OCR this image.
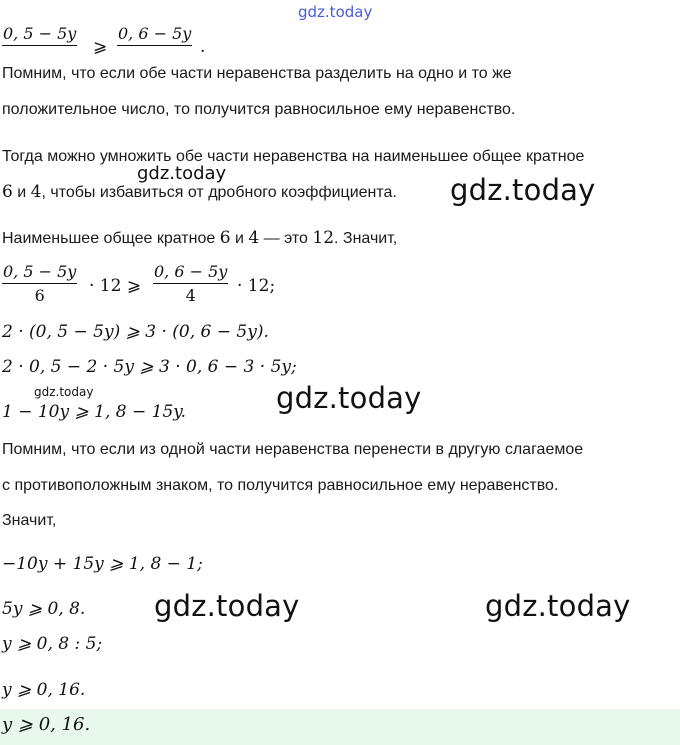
gdz.today
0, 5 − 5y
⩾
0, 6 − 5y
.
Помним, что если обе части неравенства разделить на одно и то же
положительное число, то получится равносильное ему неравенство.
Тогда можно умножить обе части неравенства на наименьшее общее кратное
6 и 4, чтобы избавиться от дробного коэффициента.
gdz.today	gdz.today
Наименьшее общее кратное 6 и 4 — это 12. Значит,
$\frac{0, 5 - 5y}{6} \cdot 12$ ⩾ $\frac{0, 6 - 5y}{4} \cdot 12$;
2 · (0, 5 − 5y) ⩾ 3 · (0, 6 − 5y).
2 · 0, 5 − 2 · 5y ⩾ 3 · 0, 6 − 3 · 5y;
gdz.today
1 − 10y ⩾ 1, 8 − 15y.	gdz.today
Помним, что если из одной части неравенства перенести в другую слагаемое
с противоположным знаком, то получится равносильное ему неравенство.
Значит,
−10y + 15y ⩾ 1, 8 − 1;
5y ⩾ 0, 8. gdz.today	gdz.today
y ⩾ 0, 8 : 5;
y ⩾ 0, 16.
y ⩾ 0, 16.
